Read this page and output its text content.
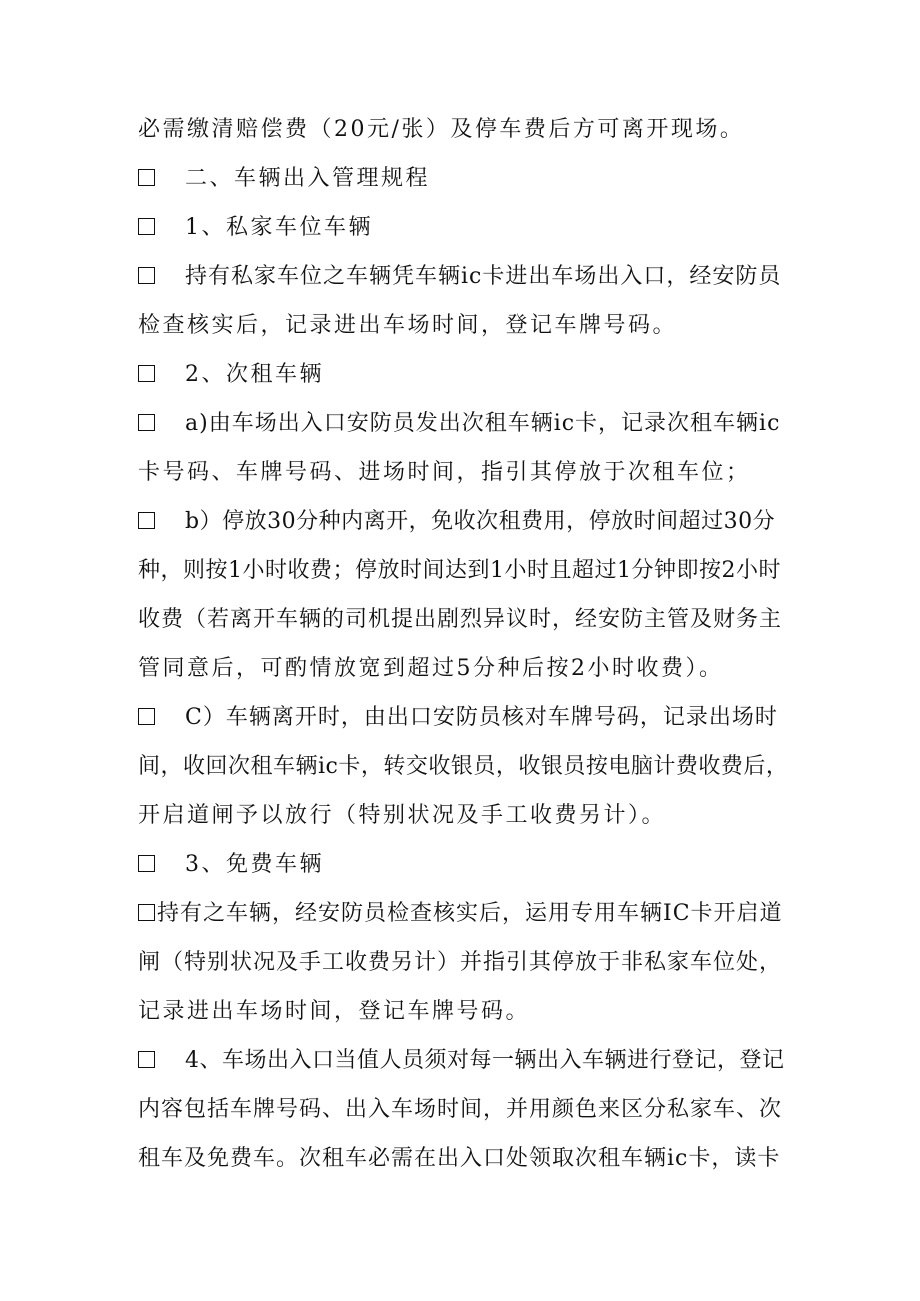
必需缴清赔偿费（20元/张）及停车费后方可离开现场。
二、车辆出入管理规程
1、私家车位车辆
持有私家车位之车辆凭车辆ic卡进出车场出入口，经安防员
检查核实后，记录进出车场时间，登记车牌号码。
2、次租车辆
a)由车场出入口安防员发出次租车辆ic卡，记录次租车辆ic
卡号码、车牌号码、进场时间，指引其停放于次租车位；
b）停放30分种内离开，免收次租费用，停放时间超过30分
种，则按1小时收费；停放时间达到1小时且超过1分钟即按2小时
收费（若离开车辆的司机提出剧烈异议时，经安防主管及财务主
管同意后，可酌情放宽到超过5分种后按2小时收费）。
C）车辆离开时，由出口安防员核对车牌号码，记录出场时
间，收回次租车辆ic卡，转交收银员，收银员按电脑计费收费后，
开启道闸予以放行（特别状况及手工收费另计）。
3、免费车辆
持有之车辆，经安防员检查核实后，运用专用车辆IC卡开启道
闸（特别状况及手工收费另计）并指引其停放于非私家车位处，
记录进出车场时间，登记车牌号码。
4、车场出入口当值人员须对每一辆出入车辆进行登记，登记
内容包括车牌号码、出入车场时间，并用颜色来区分私家车、次
租车及免费车。次租车必需在出入口处领取次租车辆ic卡，读卡
